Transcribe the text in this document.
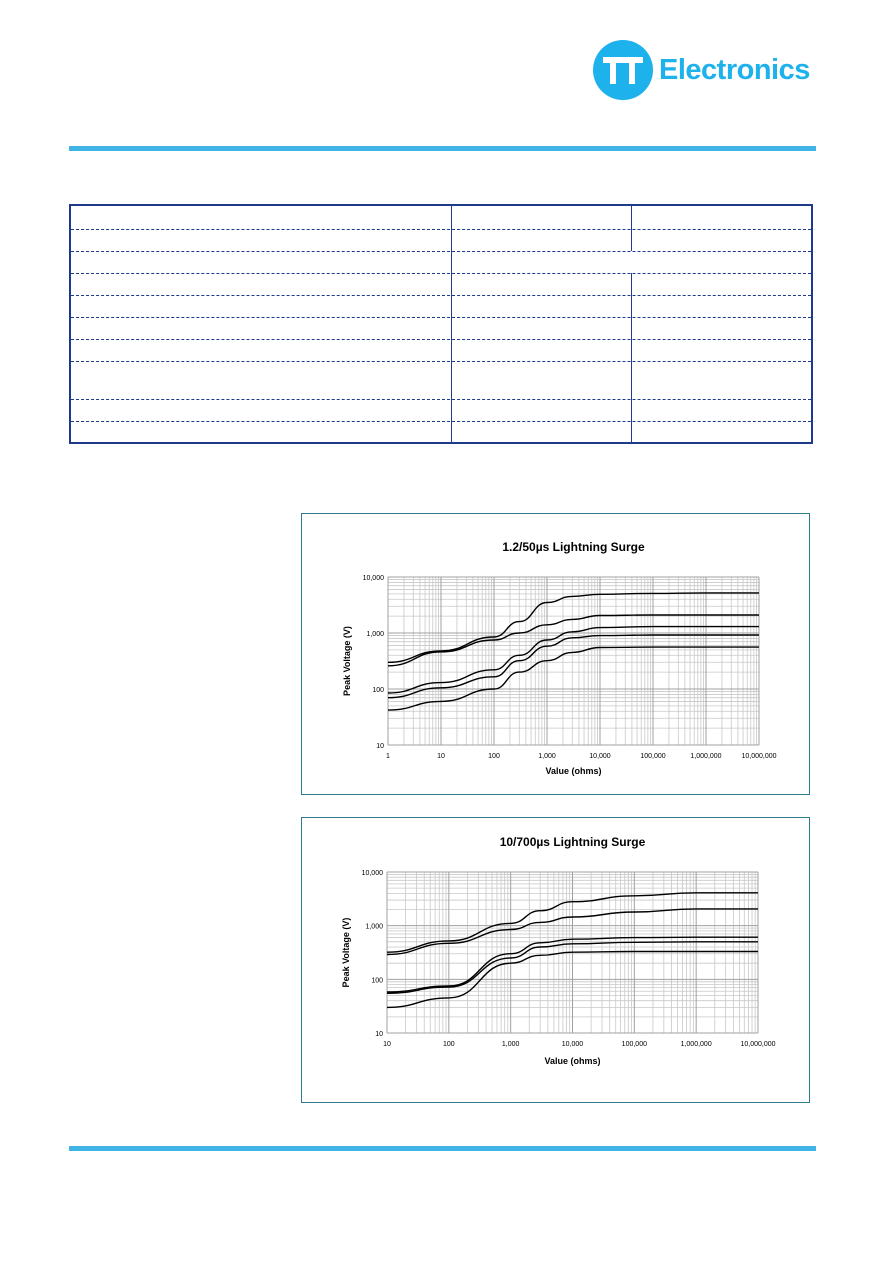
Electronics
1.2/50µs Lightning Surge
1	10	100	1,000	10,000	100,000	1,000,000	10,000,000
10
100
1,000
10,000
Value (ohms)
Peak Voltage (V)
10/700µs Lightning Surge
10	100	1,000	10,000	100,000	1,000,000	10,000,000
10
100
1,000
10,000
Value (ohms)
Peak Voltage (V)
